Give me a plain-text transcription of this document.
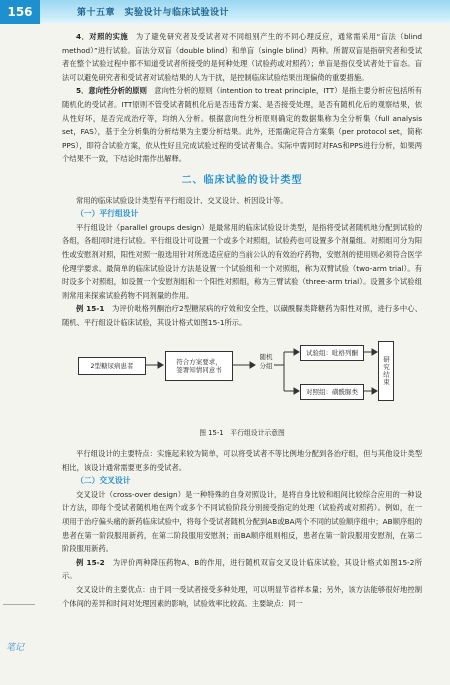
156	第十五章　实验设计与临床试验设计
笔记

4．对照的实施　 为了避免研究者及受试者对不同组别产生的不同心理反应，通常需采用“盲法（blind method）”进行试验。盲法分双盲（double blind）和单盲（single blind）两种。所谓双盲是指研究者和受试者在整个试验过程中都不知道受试者所接受的是何种处理（试验药或对照药）；单盲是指仅受试者处于盲态。盲法可以避免研究者和受试者对试验结果的人为干扰，是控制临床试验结果出现偏倚的重要措施。

5．意向性分析的原则　 意向性分析的原则（intention to treat principle，ITT）是指主要分析应包括所有随机化的受试者。ITT原则不管受试者随机化后是否违背方案、是否接受处理，是否有随机化后的观察结果，依从性好坏，是否完成治疗等，均纳入分析。根据意向性分析原则确定的数据集称为全分析集（full analysis set，FAS），基于全分析集的分析结果为主要分析结果。此外，还需确定符合方案集（per protocol set，简称PPS），即符合试验方案，依从性好且完成试验过程的受试者集合。实际中需同时对FAS和PPS进行分析，如果两个结果不一致，下结论时需作出解释。

二、临床试验的设计类型

常用的临床试验设计类型有平行组设计、交叉设计、析因设计等。

（一）平行组设计

平行组设计（parallel groups design）是最常用的临床试验设计类型，是指将受试者随机地分配到试验的各组，各组同时进行试验。平行组设计可设置一个或多个对照组，试验药也可设置多个剂量组。对照组可分为阳性或安慰剂对照，阳性对照一般选用针对所选适应症的当前公认的有效治疗药物，安慰剂的使用则必须符合医学伦理学要求。最简单的临床试验设计方法是设置一个试验组和一个对照组，称为双臂试验（two-arm trial）。有时设多个对照组，如设置一个安慰剂组和一个阳性对照组，称为三臂试验（three-arm trial）。设置多个试验组则常用来探索试验药物不同剂量的作用。

例 15-1　 为评价吡格列酮治疗2型糖尿病的疗效和安全性，以磺酰脲类降糖药为阳性对照，进行多中心、随机、平行组设计临床试验，其设计格式如图15-1所示。

2型糖尿病患者	符合方案要求，
签署知情同意书
随机
分组
试验组：吡格列酮
对照组：磺酰脲类
研究结束
图 15-1　平行组设计示意图

平行组设计的主要特点：实施起来较为简单，可以将受试者不等比例地分配到各治疗组，但与其他设计类型相比，该设计通常需要更多的受试者。

（二）交叉设计

交叉设计（cross-over design）是一种特殊的自身对照设计，是将自身比较和组间比较综合应用的一种设计方法，即每个受试者随机地在两个或多个不同试验阶段分别接受指定的处理（试验药或对照药）。例如，在一项用于治疗偏头痛的新药临床试验中，将每个受试者随机分配到AB或BA两个不同的试验顺序组中；AB顺序组的患者在第一阶段服用新药，在第二阶段服用安慰剂；而BA顺序组则相反，患者在第一阶段服用安慰剂，在第二阶段服用新药。

例 15-2　 为评价两种降压药物A、B的作用，进行随机双盲交叉设计临床试验，其设计格式如图15-2所示。

交叉设计的主要优点：由于同一受试者接受多种处理，可以明显节省样本量；另外，该方法能够很好地控制个体间的差异和时间对处理因素的影响，试验效率比较高。主要缺点：同一
